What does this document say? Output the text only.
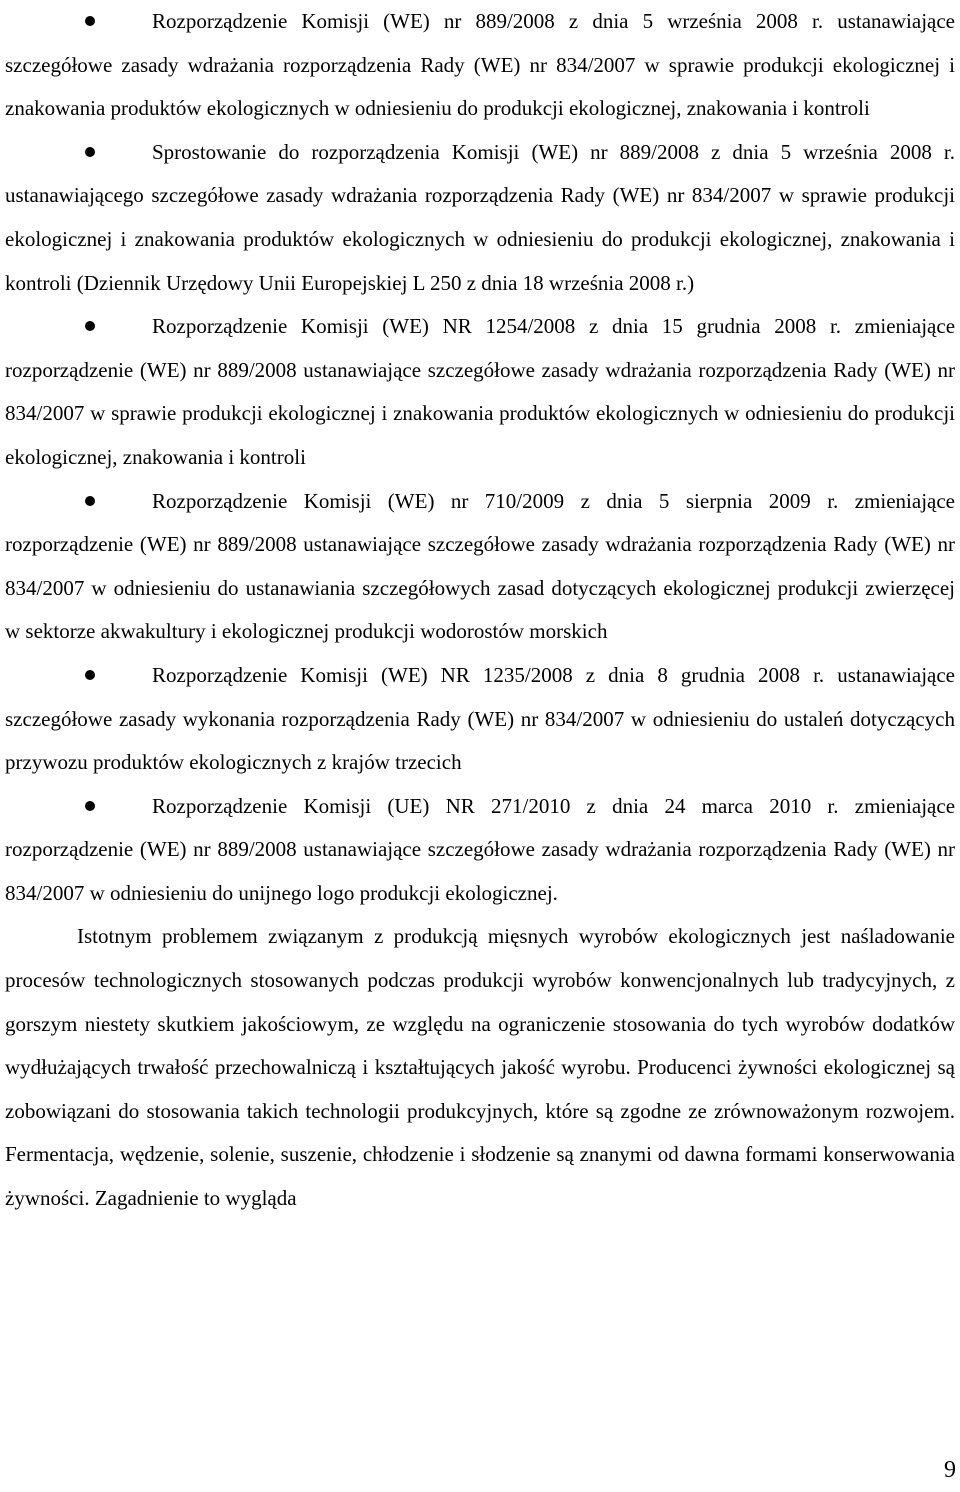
Rozporządzenie Komisji (WE) nr 889/2008 z dnia 5 września 2008 r. ustanawiające szczegółowe zasady wdrażania rozporządzenia Rady (WE) nr 834/2007 w sprawie produkcji ekologicznej i znakowania produktów ekologicznych w odniesieniu do produkcji ekologicznej, znakowania i kontroli

Sprostowanie do rozporządzenia Komisji (WE) nr 889/2008 z dnia 5 września 2008 r. ustanawiającego szczegółowe zasady wdrażania rozporządzenia Rady (WE) nr 834/2007 w sprawie produkcji ekologicznej i znakowania produktów ekologicznych w odniesieniu do produkcji ekologicznej, znakowania i kontroli (Dziennik Urzędowy Unii Europejskiej L 250 z dnia 18 września 2008 r.)

Rozporządzenie Komisji (WE) NR 1254/2008 z dnia 15 grudnia 2008 r. zmieniające rozporządzenie (WE) nr 889/2008 ustanawiające szczegółowe zasady wdrażania rozporządzenia Rady (WE) nr 834/2007 w sprawie produkcji ekologicznej i znakowania produktów ekologicznych w odniesieniu do produkcji ekologicznej, znakowania i kontroli

Rozporządzenie Komisji (WE) nr 710/2009 z dnia 5 sierpnia 2009 r. zmieniające rozporządzenie (WE) nr 889/2008 ustanawiające szczegółowe zasady wdrażania rozporządzenia Rady (WE) nr 834/2007 w odniesieniu do ustanawiania szczegółowych zasad dotyczących ekologicznej produkcji zwierzęcej w sektorze akwakultury i ekologicznej produkcji wodorostów morskich

Rozporządzenie Komisji (WE) NR 1235/2008 z dnia 8 grudnia 2008 r. ustanawiające szczegółowe zasady wykonania rozporządzenia Rady (WE) nr 834/2007 w odniesieniu do ustaleń dotyczących przywozu produktów ekologicznych z krajów trzecich

Rozporządzenie Komisji (UE) NR 271/2010 z dnia 24 marca 2010 r. zmieniające rozporządzenie (WE) nr 889/2008 ustanawiające szczegółowe zasady wdrażania rozporządzenia Rady (WE) nr 834/2007 w odniesieniu do unijnego logo produkcji ekologicznej.

Istotnym problemem związanym z produkcją mięsnych wyrobów ekologicznych jest naśladowanie procesów technologicznych stosowanych podczas produkcji wyrobów konwencjonalnych lub tradycyjnych, z gorszym niestety skutkiem jakościowym, ze względu na ograniczenie stosowania do tych wyrobów dodatków wydłużających trwałość przechowalniczą i kształtujących jakość wyrobu. Producenci żywności ekologicznej są zobowiązani do stosowania takich technologii produkcyjnych, które są zgodne ze zrównoważonym rozwojem. Fermentacja, wędzenie, solenie, suszenie, chłodzenie i słodzenie są znanymi od dawna formami konserwowania żywności. Zagadnienie to wygląda

9
